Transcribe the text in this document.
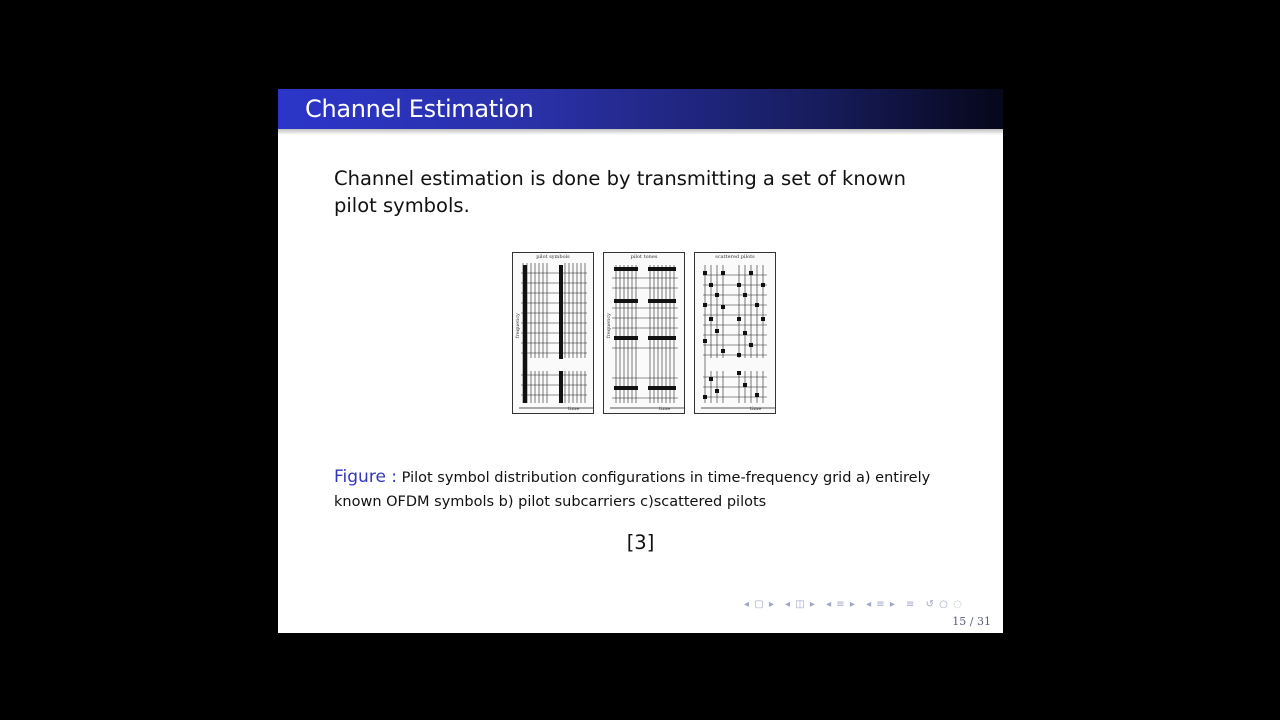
Channel Estimation
Channel estimation is done by transmitting a set of known pilot symbols.
pilot symbols
frequency
time
pilot tones
frequency
time
scattered pilots
time
Figure : Pilot symbol distribution configurations in time-frequency grid a) entirely known OFDM symbols b) pilot subcarriers c)scattered pilots
[3]
◂ ▢ ▸ ◂ ◫ ▸ ◂ ≡ ▸ ◂ ≡ ▸ ≡ ↺ ○ ◌
15 / 31
